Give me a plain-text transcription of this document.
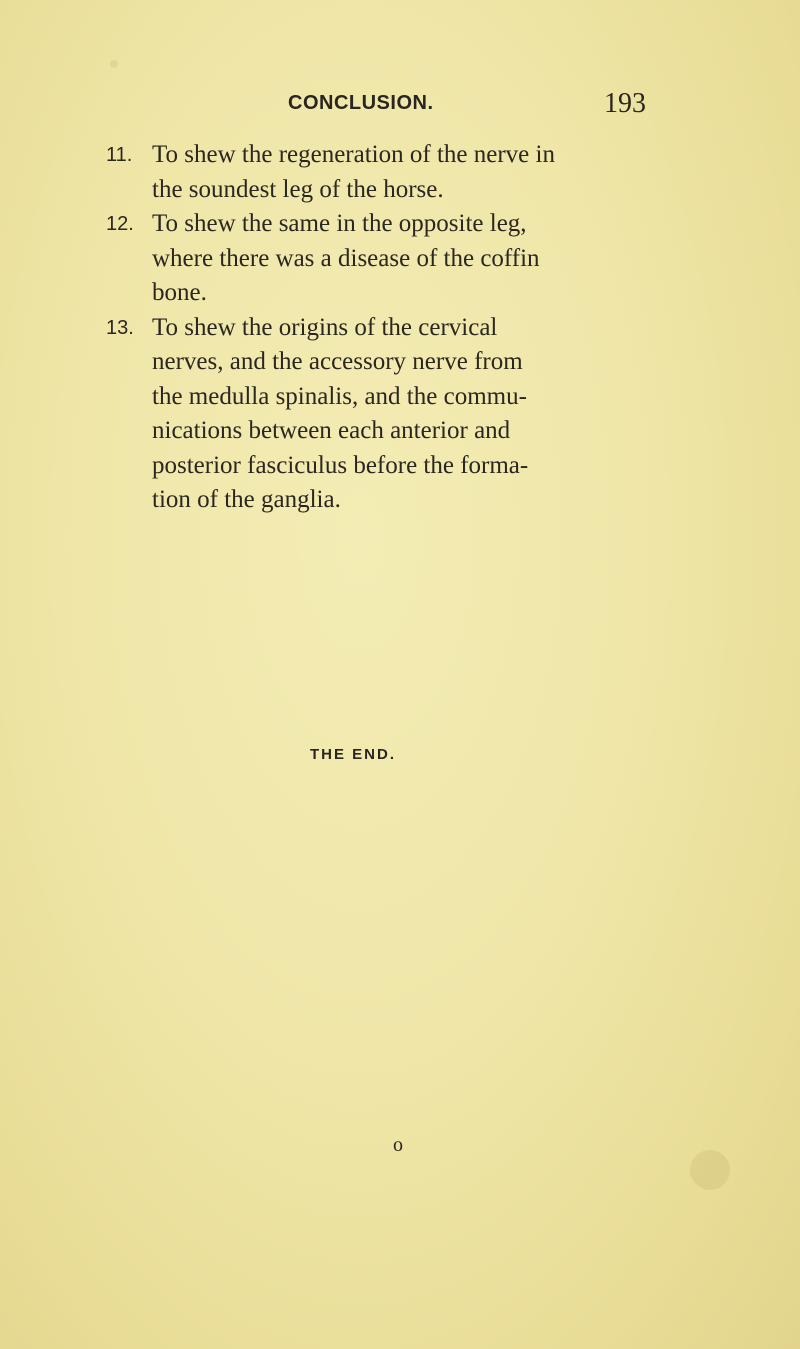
CONCLUSION.	193
11. To shew the regeneration of the nerve in
the soundest leg of the horse.
12. To shew the same in the opposite leg,
where there was a disease of the coffin
bone.
13. To shew the origins of the cervical
nerves, and the accessory nerve from
the medulla spinalis, and the commu-
nications between each anterior and
posterior fasciculus before the forma-
tion of the ganglia.
THE END.
o
